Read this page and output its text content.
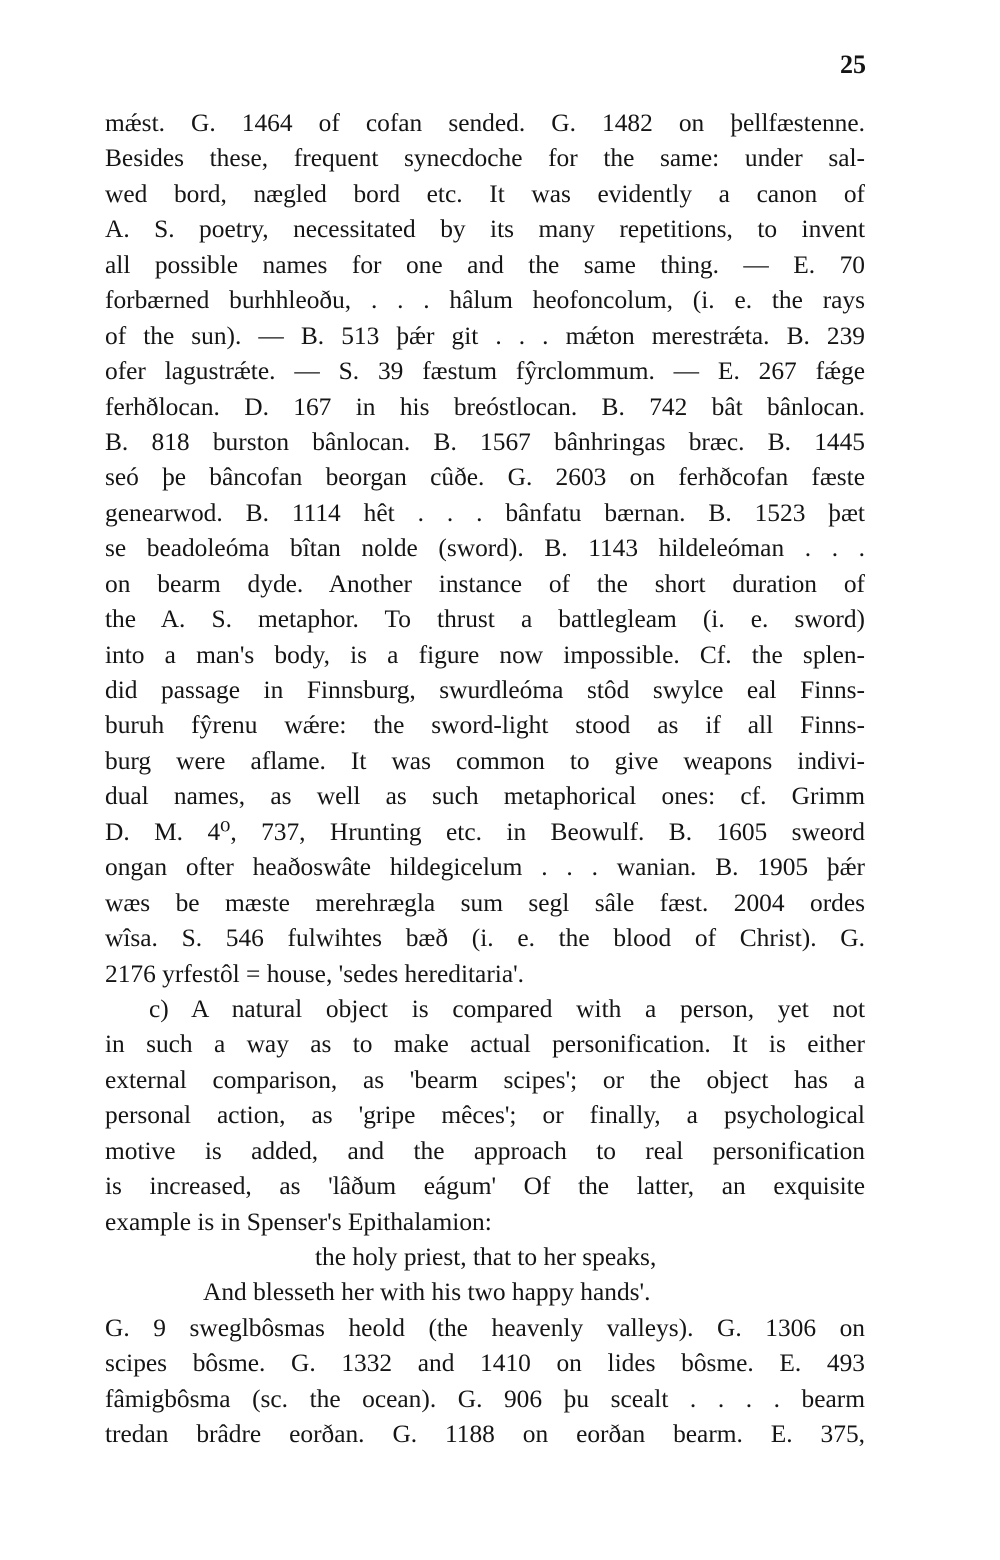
25
mǽst. G. 1464 of cofan sended. G. 1482 on þellfæstenne.
Besides these, frequent synecdoche for the same: under sal-
wed bord, nægled bord etc. It was evidently a canon of
A. S. poetry, necessitated by its many repetitions, to invent
all possible names for one and the same thing. — E. 70
forbærned burhhleoðu, . . . hâlum heofoncolum, (i. e. the rays
of the sun). — B. 513 þǽr git . . . mǽton merestrǽta. B. 239
ofer lagustrǽte. — S. 39 fæstum fŷrclommum. — E. 267 fǽge
ferhðlocan. D. 167 in his breóstlocan. B. 742 bât bânlocan.
B. 818 burston bânlocan. B. 1567 bânhringas bræc. B. 1445
seó þe bâncofan beorgan cûðe. G. 2603 on ferhðcofan fæste
genearwod. B. 1114 hêt . . . bânfatu bærnan. B. 1523 þæt
se beadoleóma bîtan nolde (sword). B. 1143 hildeleóman . . .
on bearm dyde. Another instance of the short duration of
the A. S. metaphor. To thrust a battlegleam (i. e. sword)
into a man's body, is a figure now impossible. Cf. the splen-
did passage in Finnsburg, swurdleóma stôd swylce eal Finns-
buruh fŷrenu wǽre: the sword-light stood as if all Finns-
burg were aflame. It was common to give weapons indivi-
dual names, as well as such metaphorical ones: cf. Grimm
D. M. 4⁰, 737, Hrunting etc. in Beowulf. B. 1605 sweord
ongan ofter heaðoswâte hildegicelum . . . wanian. B. 1905 þǽr
wæs be mæste merehrægla sum segl sâle fæst. 2004 ordes
wîsa. S. 546 fulwihtes bæð (i. e. the blood of Christ). G.
2176 yrfestôl = house, 'sedes hereditaria'.
c) A natural object is compared with a person, yet not
in such a way as to make actual personification. It is either
external comparison, as 'bearm scipes'; or the object has a
personal action, as 'gripe mêces'; or finally, a psychological
motive is added, and the approach to real personification
is increased, as 'lâðum eágum' Of the latter, an exquisite
example is in Spenser's Epithalamion:
the holy priest, that to her speaks,
And blesseth her with his two happy hands'.
G. 9 sweglbôsmas heold (the heavenly valleys). G. 1306 on
scipes bôsme. G. 1332 and 1410 on lides bôsme. E. 493
fâmigbôsma (sc. the ocean). G. 906 þu scealt . . . . bearm
tredan brâdre eorðan. G. 1188 on eorðan bearm. E. 375,
